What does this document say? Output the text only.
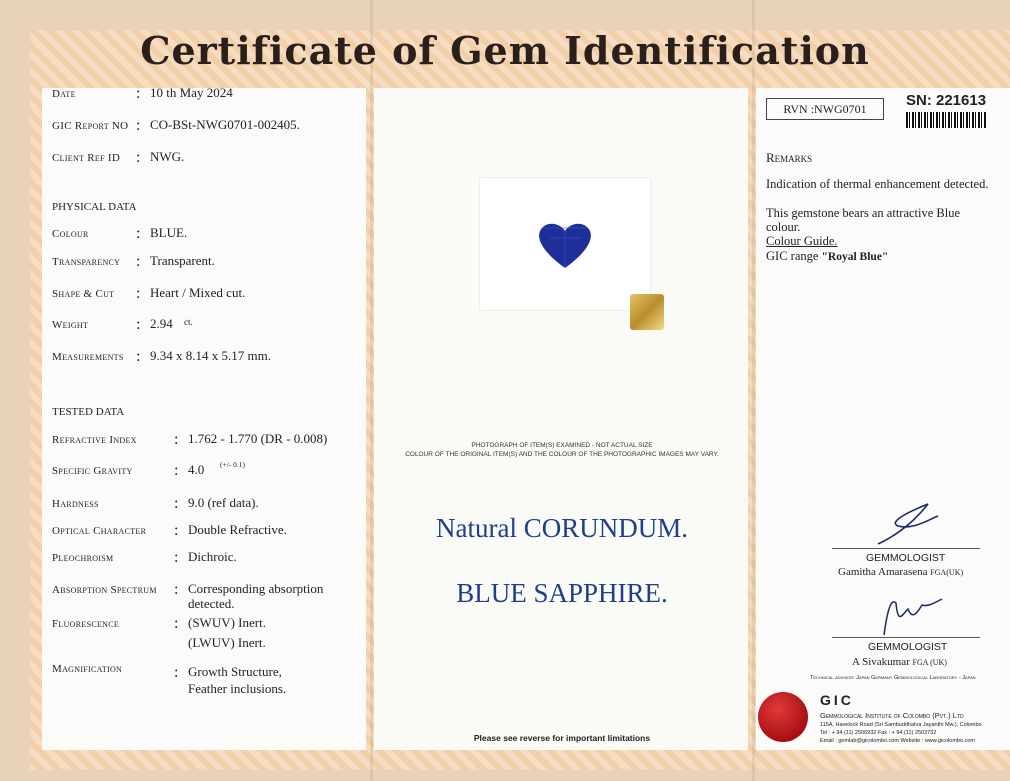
Certificate of Gem Identification
Date	: 10 th May 2024
GIC Report NO : CO-BSt-NWG0701-002405.
Client Ref ID : NWG.
PHYSICAL DATA
Colour	: BLUE.
Transparency : Transparent.
Shape & Cut : Heart / Mixed cut.
Weight	: 2.94 ct.
Measurements : 9.34 x 8.14 x 5.17 mm.
TESTED DATA
Refractive Index : 1.762 - 1.770 (DR - 0.008)
Specific Gravity	: 4.0 (+/- 0.1)
Hardness	: 9.0 (ref data).
Optical Character : Double Refractive.
Pleochroism	: Dichroic.
Absorption Spectrum : Corresponding absorption
detected.
Fluorescence	: (SWUV) Inert.
(LWUV) Inert.
Magnification	: Growth Structure,
Feather inclusions.
PHOTOGRAPH OF ITEM(S) EXAMINED - NOT ACTUAL SIZE
COLOUR OF THE ORIGINAL ITEM(S) AND THE COLOUR OF THE PHOTOGRAPHIC IMAGES MAY VARY.
Natural CORUNDUM.
BLUE SAPPHIRE.
Please see reverse for important limitations
RVN :NWG0701	SN: 221613
Remarks
Indication of thermal enhancement detected.
This gemstone bears an attractive Blue
colour.
Colour Guide.
GIC range "Royal Blue"
GEMMOLOGIST
Gamitha Amarasena FGA(UK)
GEMMOLOGIST
A Sivakumar FGA (UK)
Technical advisor: Japan Germany Gemmological Laboratory - Japan
GIC
Gemmological Institute of Colombo (Pvt.) Ltd
115A, Havelock Road (Sri Sambuddhatva Jayanthi Mw.), Colombo
Tel : + 94 (11) 2506932 Fax : + 94 (11) 2503732
Email : gemlab@gicolombo.com Website : www.gicolombo.com
